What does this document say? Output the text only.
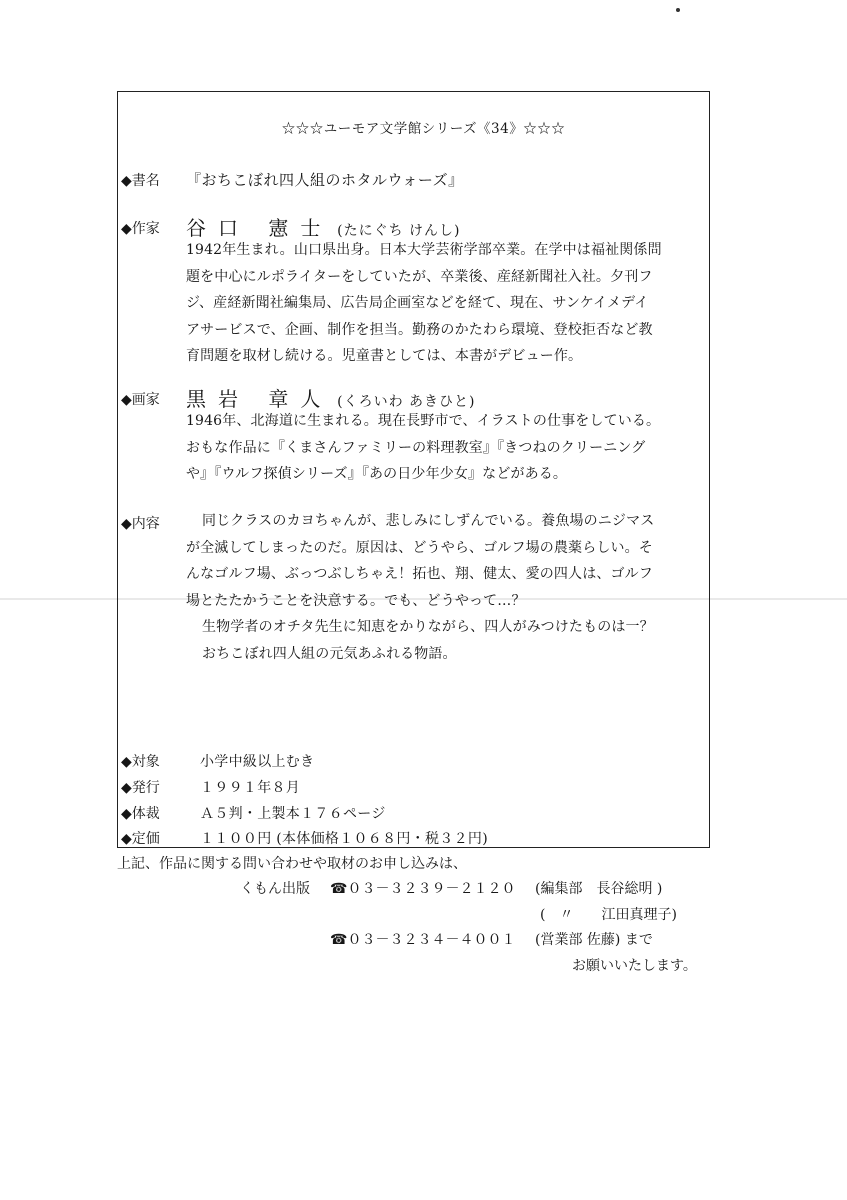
☆☆☆ユーモア文学館シリーズ《34》☆☆☆
◆書名 『おちこぼれ四人組のホタルウォーズ』
◆作家 谷口 憲士 (たにぐち けんし)
1942年生まれ。山口県出身。日本大学芸術学部卒業。在学中は福祉関係問
題を中心にルポライターをしていたが、卒業後、産経新聞社入社。夕刊フ
ジ、産経新聞社編集局、広告局企画室などを経て、現在、サンケイメデイ
アサービスで、企画、制作を担当。勤務のかたわら環境、登校拒否など教
育問題を取材し続ける。児童書としては、本書がデビュー作。
◆画家 黒岩 章人 (くろいわ あきひと)
1946年、北海道に生まれる。現在長野市で、イラストの仕事をしている。
おもな作品に『くまさんファミリーの料理教室』『きつねのクリーニング
や』『ウルフ探偵シリーズ』『あの日少年少女』などがある。
◆内容	同じクラスのカヨちゃんが、悲しみにしずんでいる。養魚場のニジマス
が全滅してしまったのだ。原因は、どうやら、ゴルフ場の農薬らしい。そ
んなゴルフ場、ぶっつぶしちゃえ！拓也、翔、健太、愛の四人は、ゴルフ
場とたたかうことを決意する。でも、どうやって…？
生物学者のオチタ先生に知恵をかりながら、四人がみつけたものは一？
おちこぼれ四人組の元気あふれる物語。
◆対象	小学中級以上むき
◆発行	１９９１年８月
◆体裁	Ａ５判・上製本１７６ページ
◆定価	１１００円 (本体価格１０６８円・税３２円)
上記、作品に関する問い合わせや取材のお申し込みは、
くもん出版 ☎０３－３２３９－２１２０ (編集部　長谷総明 )
(　〃　　江田真理子)
☎０３－３２３４－４００１ (営業部 佐藤) まで
お願いいたします。
